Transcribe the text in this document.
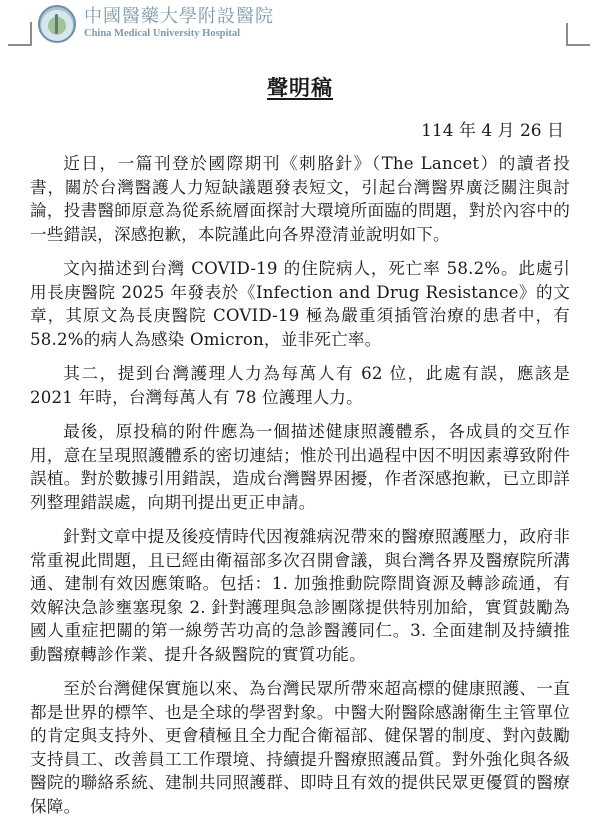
中國醫藥大學附設醫院
China Medical University Hospital
聲明稿
114 年 4 月 26 日

近日，一篇刊登於國際期刊《刺胳針》（The Lancet）的讀者投書，關於台灣醫護人力短缺議題發表短文，引起台灣醫界廣泛關注與討論，投書醫師原意為從系統層面探討大環境所面臨的問題，對於內容中的一些錯誤，深感抱歉，本院謹此向各界澄清並說明如下。

文內描述到台灣 COVID-19 的住院病人，死亡率 58.2%。此處引用長庚醫院 2025 年發表於《Infection and Drug Resistance》的文章，其原文為長庚醫院 COVID-19 極為嚴重須插管治療的患者中，有 58.2%的病人為感染 Omicron，並非死亡率。

其二，提到台灣護理人力為每萬人有 62 位，此處有誤，應該是 2021 年時，台灣每萬人有 78 位護理人力。

最後，原投稿的附件應為一個描述健康照護體系，各成員的交互作用，意在呈現照護體系的密切連結；惟於刊出過程中因不明因素導致附件誤植。對於數據引用錯誤，造成台灣醫界困擾，作者深感抱歉，已立即詳列整理錯誤處，向期刊提出更正申請。

針對文章中提及後疫情時代因複雜病況帶來的醫療照護壓力，政府非常重視此問題，且已經由衛福部多次召開會議，與台灣各界及醫療院所溝通、建制有效因應策略。包括：1. 加強推動院際間資源及轉診疏通，有效解決急診壅塞現象 2. 針對護理與急診團隊提供特別加給，實質鼓勵為國人重症把關的第一線勞苦功高的急診醫護同仁。3. 全面建制及持續推動醫療轉診作業、提升各級醫院的實質功能。

至於台灣健保實施以來、為台灣民眾所帶來超高標的健康照護、一直都是世界的標竿、也是全球的學習對象。中醫大附醫除感謝衛生主管單位的肯定與支持外、更會積極且全力配合衛福部、健保署的制度、對內鼓勵支持員工、改善員工工作環境、持續提升醫療照護品質。對外強化與各級醫院的聯絡系統、建制共同照護群、即時且有效的提供民眾更優質的醫療保障。
